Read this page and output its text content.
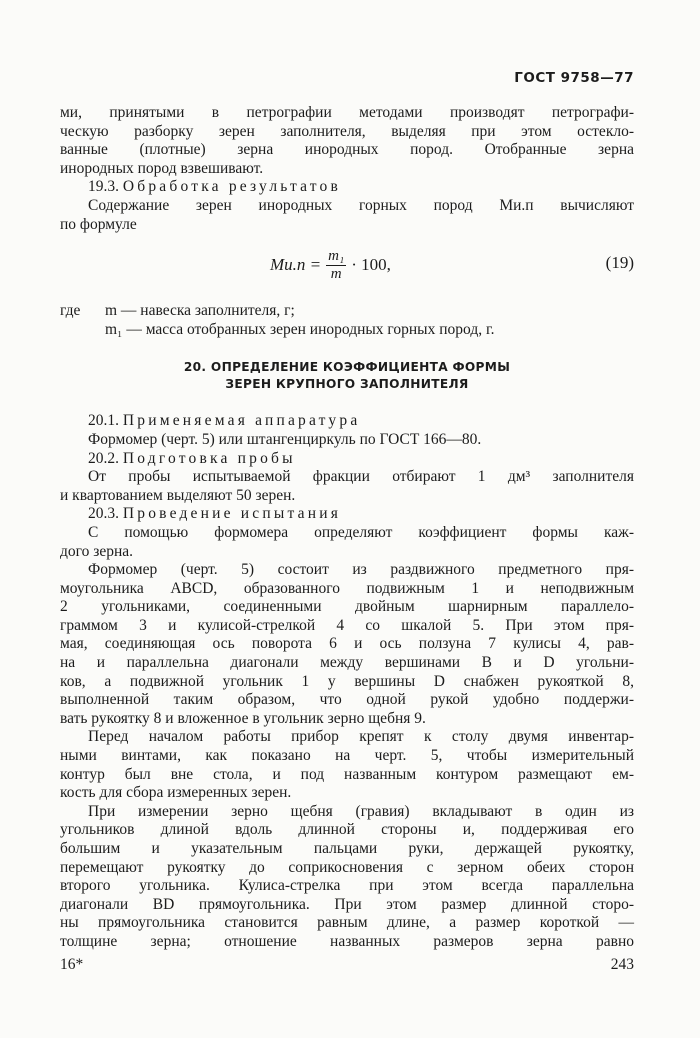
ГОСТ 9758—77

ми, принятыми в петрографии методами производят петрографи-

ческую разборку зерен заполнителя, выделяя при этом остекло-

ванные (плотные) зерна инородных пород. Отобранные зерна

инородных пород взвешивают.

19.3. Обработка результатов

Содержание зерен инородных горных пород Mи.п вычисляют

по формуле

$Mи.п = \frac{\text{m₁}}{m} \cdot 100$,	(19)
где	m — навеска заполнителя, г;
m₁ — масса отобранных зерен инородных горных пород, г.
20. ОПРЕДЕЛЕНИЕ КОЭФФИЦИЕНТА ФОРМЫ
ЗЕРЕН КРУПНОГО ЗАПОЛНИТЕЛЯ

20.1. Применяемая аппаратура

Формомер (черт. 5) или штангенциркуль по ГОСТ 166—80.

20.2. Подготовка пробы

От пробы испытываемой фракции отбирают 1 дм³ заполнителя

и квартованием выделяют 50 зерен.

20.3. Проведение испытания

С помощью формомера определяют коэффициент формы каж-

дого зерна.

Формомер (черт. 5) состоит из раздвижного предметного пря-

моугольника ABCD, образованного подвижным 1 и неподвижным

2 угольниками, соединенными двойным шарнирным параллело-

граммом 3 и кулисой-стрелкой 4 со шкалой 5. При этом пря-

мая, соединяющая ось поворота 6 и ось ползуна 7 кулисы 4, рав-

на и параллельна диагонали между вершинами B и D угольни-

ков, а подвижной угольник 1 у вершины D снабжен рукояткой 8,

выполненной таким образом, что одной рукой удобно поддержи-

вать рукоятку 8 и вложенное в угольник зерно щебня 9.

Перед началом работы прибор крепят к столу двумя инвентар-

ными винтами, как показано на черт. 5, чтобы измерительный

контур был вне стола, и под названным контуром размещают ем-

кость для сбора измеренных зерен.

При измерении зерно щебня (гравия) вкладывают в один из

угольников длиной вдоль длинной стороны и, поддерживая его

большим и указательным пальцами руки, держащей рукоятку,

перемещают рукоятку до соприкосновения с зерном обеих сторон

второго угольника. Кулиса-стрелка при этом всегда параллельна

диагонали BD прямоугольника. При этом размер длинной сторо-

ны прямоугольника становится равным длине, а размер короткой —

толщине зерна; отношение названных размеров зерна равно

16*	243
